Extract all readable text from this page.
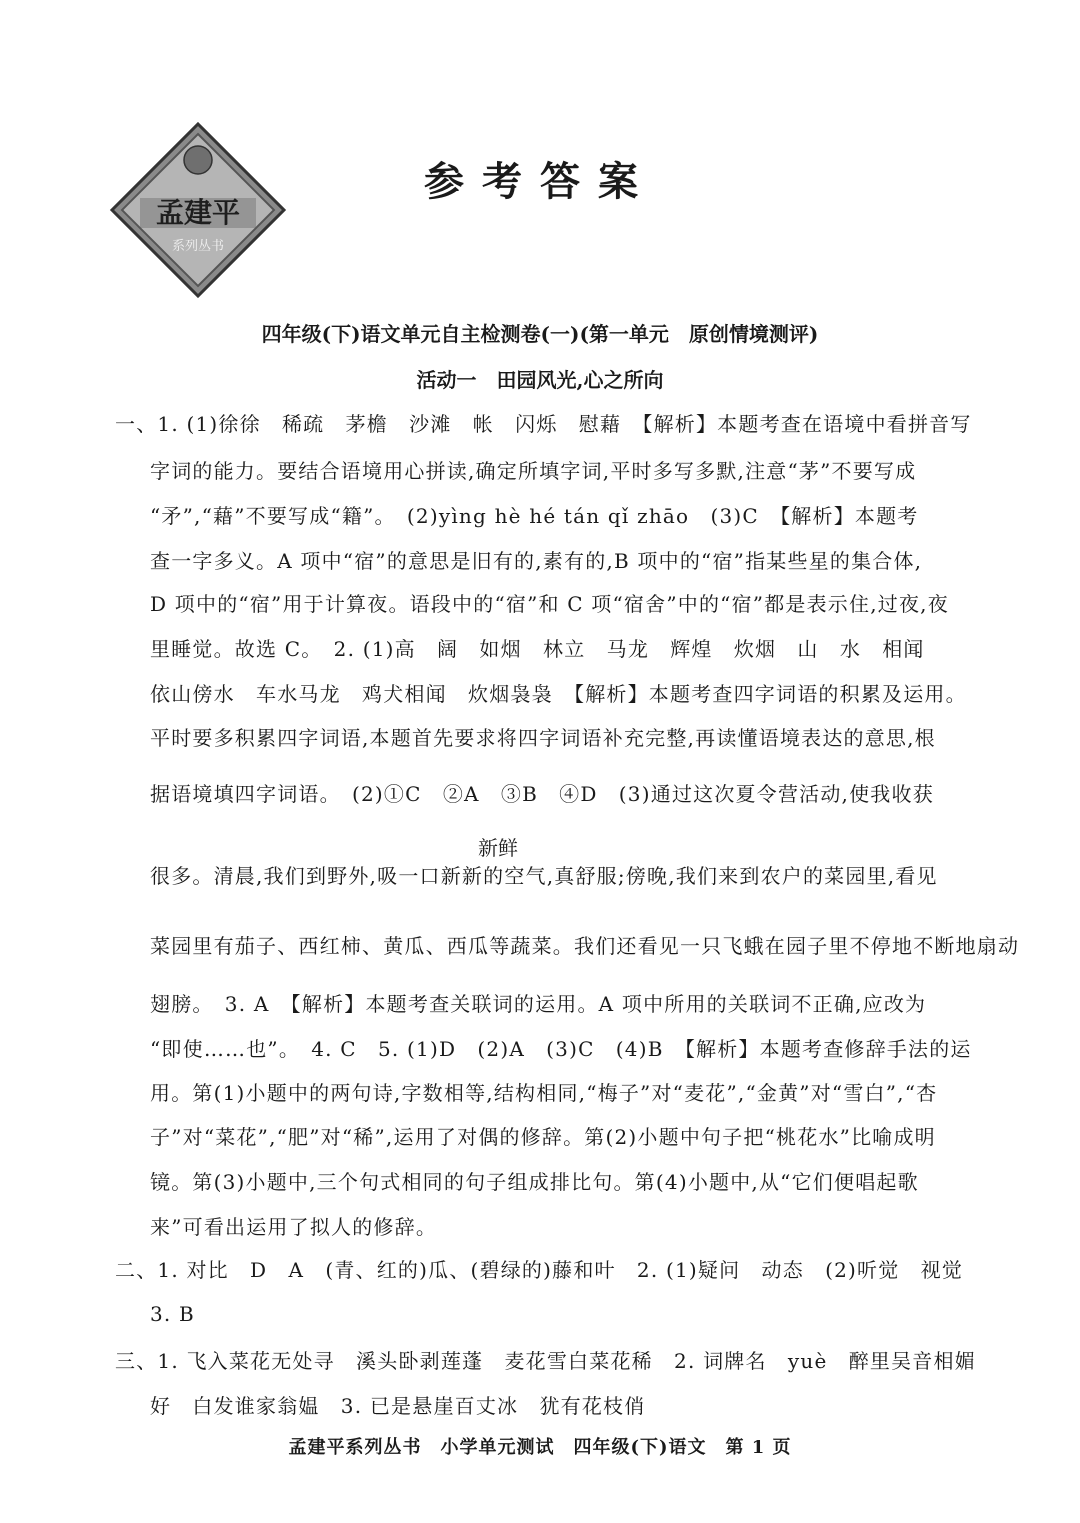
孟建平
系列丛书
参考答案
四年级(下)语文单元自主检测卷(一)(第一单元　原创情境测评)
活动一　田园风光,心之所向
一、1. (1)徐徐　稀疏　茅檐　沙滩　帐　闪烁　慰藉　【解析】本题考查在语境中看拼音写
字词的能力。要结合语境用心拼读,确定所填字词,平时多写多默,注意“茅”不要写成
“矛”,“藉”不要写成“籍”。　(2)yìng hè hé tán qǐ zhāo　(3)C　【解析】本题考
查一字多义。A 项中“宿”的意思是旧有的,素有的,B 项中的“宿”指某些星的集合体,
D 项中的“宿”用于计算夜。语段中的“宿”和 C 项“宿舍”中的“宿”都是表示住,过夜,夜
里睡觉。故选 C。　2. (1)高　阔　如烟　林立　马龙　辉煌　炊烟　山　水　相闻
依山傍水　车水马龙　鸡犬相闻　炊烟袅袅　【解析】本题考查四字词语的积累及运用。
平时要多积累四字词语,本题首先要求将四字词语补充完整,再读懂语境表达的意思,根
据语境填四字词语。　(2)①C　②A　③B　④D　(3)通过这次夏令营活动,使我收获
新鲜
很多。清晨,我们到野外,吸一口新新的空气,真舒服;傍晚,我们来到农户的菜园里,看见
菜园里有茄子、西红柿、黄瓜、西瓜等蔬菜。我们还看见一只飞蛾在园子里不停地不断地扇动
翅膀。　3. A　【解析】本题考查关联词的运用。A 项中所用的关联词不正确,应改为
“即使……也”。　4. C　5. (1)D　(2)A　(3)C　(4)B　【解析】本题考查修辞手法的运
用。第(1)小题中的两句诗,字数相等,结构相同,“梅子”对“麦花”,“金黄”对“雪白”,“杏
子”对“菜花”,“肥”对“稀”,运用了对偶的修辞。第(2)小题中句子把“桃花水”比喻成明
镜。第(3)小题中,三个句式相同的句子组成排比句。第(4)小题中,从“它们便唱起歌
来”可看出运用了拟人的修辞。
二、1. 对比　D　A　(青、红的)瓜、(碧绿的)藤和叶　2. (1)疑问　动态　(2)听觉　视觉
3. B
三、1. 飞入菜花无处寻　溪头卧剥莲蓬　麦花雪白菜花稀　2. 词牌名　yuè　醉里吴音相媚
好　白发谁家翁媪　3. 已是悬崖百丈冰　犹有花枝俏
孟建平系列丛书　小学单元测试　四年级(下)语文　第 1 页
